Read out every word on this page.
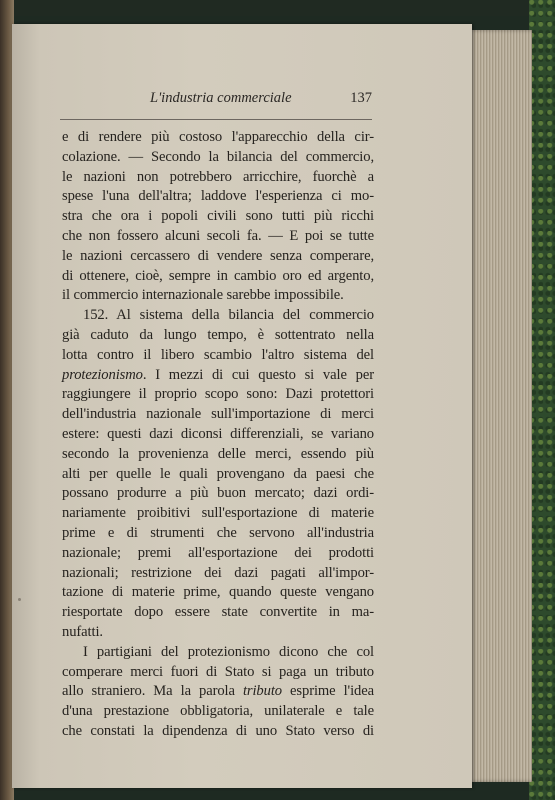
L'industria commerciale	137
e di rendere più costoso l'apparecchio della cir-
colazione. — Secondo la bilancia del commercio,
le nazioni non potrebbero arricchire, fuorchè a
spese l'una dell'altra; laddove l'esperienza ci mo-
stra che ora i popoli civili sono tutti più ricchi
che non fossero alcuni secoli fa. — E poi se tutte
le nazioni cercassero di vendere senza comperare,
di ottenere, cioè, sempre in cambio oro ed argento,
il commercio internazionale sarebbe impossibile.
152. Al sistema della bilancia del commercio
già caduto da lungo tempo, è sottentrato nella
lotta contro il libero scambio l'altro sistema del
protezionismo. I mezzi di cui questo si vale per
raggiungere il proprio scopo sono: Dazi protettori
dell'industria nazionale sull'importazione di merci
estere: questi dazi diconsi differenziali, se variano
secondo la provenienza delle merci, essendo più
alti per quelle le quali provengano da paesi che
possano produrre a più buon mercato; dazi ordi-
nariamente proibitivi sull'esportazione di materie
prime e di strumenti che servono all'industria
nazionale; premi all'esportazione dei prodotti
nazionali; restrizione dei dazi pagati all'impor-
tazione di materie prime, quando queste vengano
riesportate dopo essere state convertite in ma-
nufatti.
I partigiani del protezionismo dicono che col
comperare merci fuori di Stato si paga un tributo
allo straniero. Ma la parola tributo esprime l'idea
d'una prestazione obbligatoria, unilaterale e tale
che constati la dipendenza di uno Stato verso di
